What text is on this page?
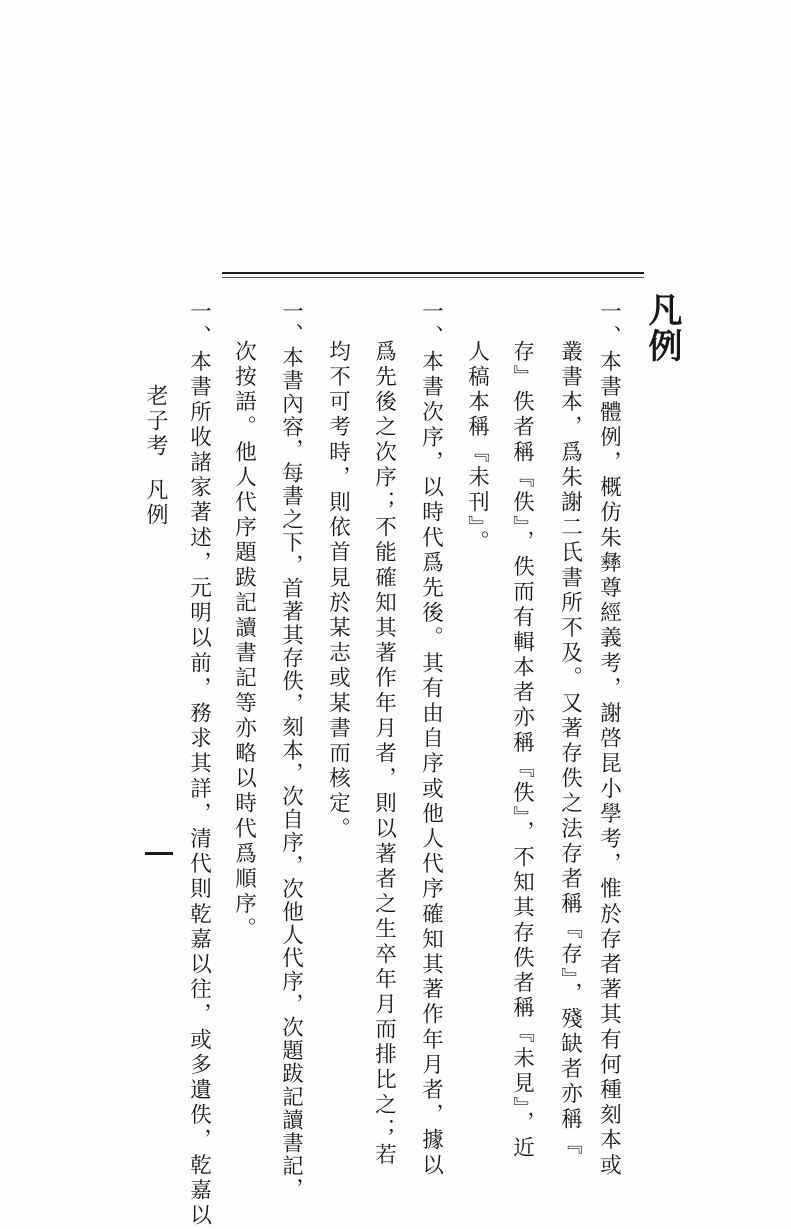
凡例
一、本書體例，概仿朱彝尊經義考，謝啓昆小學考，惟於存者著其有何種刻本或
叢書本，爲朱謝二氏書所不及。又著存佚之法存者稱『存』，殘缺者亦稱『
存』佚者稱『佚』，佚而有輯本者亦稱『佚』，不知其存佚者稱『未見』，近
人稿本稱『未刊』。
一、本書次序，以時代爲先後。其有由自序或他人代序確知其著作年月者，據以
爲先後之次序；不能確知其著作年月者，則以著者之生卒年月而排比之；若
均不可考時，則依首見於某志或某書而核定。
一、本書內容，每書之下，首著其存佚，刻本，次自序，次他人代序，次題跋記讀書記，
次按語。他人代序題跋記讀書記等亦略以時代爲順序。
一、本書所收諸家著述，元明以前，務求其詳，清代則乾嘉以往，或多遺佚，乾嘉以
老子考
凡例
